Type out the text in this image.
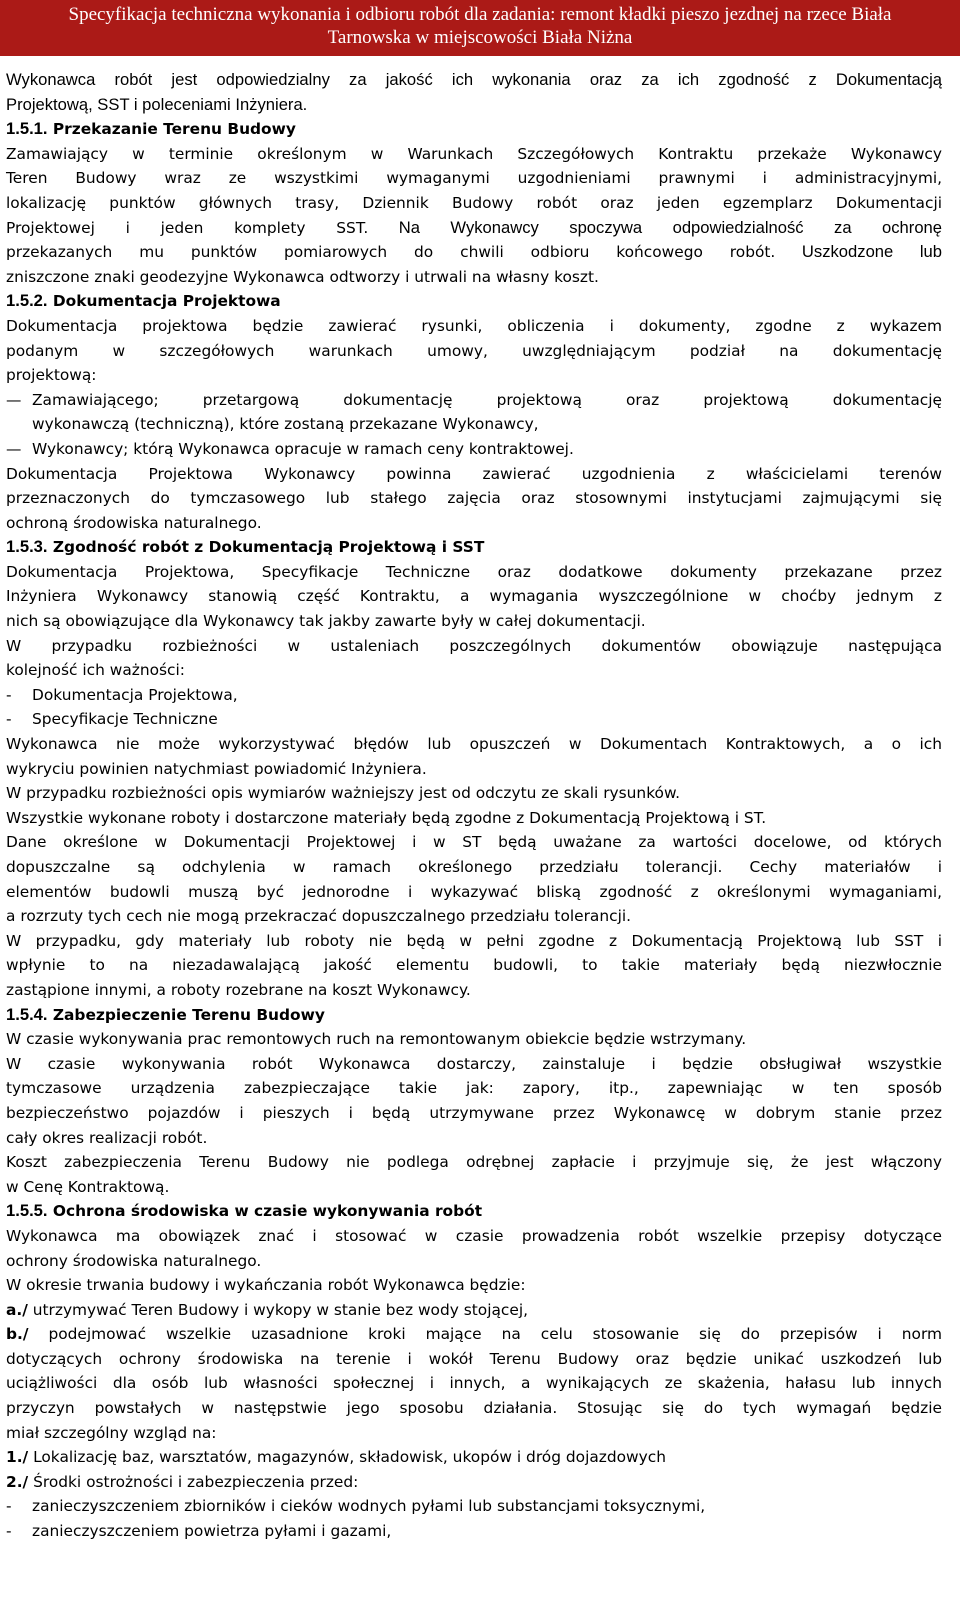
Specyfikacja techniczna wykonania i odbioru robót dla zadania: remont kładki pieszo jezdnej na rzece Biała
Tarnowska w miejscowości Biała Niżna
Wykonawca robót jest odpowiedzialny za jakość ich wykonania oraz za ich zgodność z Dokumentacją
Projektową, SST i poleceniami Inżyniera.
1.5.1. Przekazanie Terenu Budowy
Zamawiający w terminie określonym w Warunkach Szczegółowych Kontraktu przekaże Wykonawcy
Teren Budowy wraz ze wszystkimi wymaganymi uzgodnieniami prawnymi i administracyjnymi,
lokalizację punktów głównych trasy, Dziennik Budowy robót oraz jeden egzemplarz Dokumentacji
Projektowej i jeden komplety SST. Na Wykonawcy spoczywa odpowiedzialność za ochronę
przekazanych mu punktów pomiarowych do chwili odbioru końcowego robót. Uszkodzone lub
zniszczone znaki geodezyjne Wykonawca odtworzy i utrwali na własny koszt.
1.5.2. Dokumentacja Projektowa
Dokumentacja projektowa będzie zawierać rysunki, obliczenia i dokumenty, zgodne z wykazem
podanym w szczegółowych warunkach umowy, uwzględniającym podział na dokumentację
projektową:
— Zamawiającego; przetargową dokumentację projektową oraz projektową dokumentację
wykonawczą (techniczną), które zostaną przekazane Wykonawcy,
— Wykonawcy; którą Wykonawca opracuje w ramach ceny kontraktowej.
Dokumentacja Projektowa Wykonawcy powinna zawierać uzgodnienia z właścicielami terenów
przeznaczonych do tymczasowego lub stałego zajęcia oraz stosownymi instytucjami zajmującymi się
ochroną środowiska naturalnego.
1.5.3. Zgodność robót z Dokumentacją Projektową i SST
Dokumentacja Projektowa, Specyfikacje Techniczne oraz dodatkowe dokumenty przekazane przez
Inżyniera Wykonawcy stanowią część Kontraktu, a wymagania wyszczególnione w choćby jednym z
nich są obowiązujące dla Wykonawcy tak jakby zawarte były w całej dokumentacji.
W przypadku rozbieżności w ustaleniach poszczególnych dokumentów obowiązuje następująca
kolejność ich ważności:
- Dokumentacja Projektowa,
- Specyfikacje Techniczne
Wykonawca nie może wykorzystywać błędów lub opuszczeń w Dokumentach Kontraktowych, a o ich
wykryciu powinien natychmiast powiadomić Inżyniera.
W przypadku rozbieżności opis wymiarów ważniejszy jest od odczytu ze skali rysunków.
Wszystkie wykonane roboty i dostarczone materiały będą zgodne z Dokumentacją Projektową i ST.
Dane określone w Dokumentacji Projektowej i w ST będą uważane za wartości docelowe, od których
dopuszczalne są odchylenia w ramach określonego przedziału tolerancji. Cechy materiałów i
elementów budowli muszą być jednorodne i wykazywać bliską zgodność z określonymi wymaganiami,
a rozrzuty tych cech nie mogą przekraczać dopuszczalnego przedziału tolerancji.
W przypadku, gdy materiały lub roboty nie będą w pełni zgodne z Dokumentacją Projektową lub SST i
wpłynie to na niezadawalającą jakość elementu budowli, to takie materiały będą niezwłocznie
zastąpione innymi, a roboty rozebrane na koszt Wykonawcy.
1.5.4. Zabezpieczenie Terenu Budowy
W czasie wykonywania prac remontowych ruch na remontowanym obiekcie będzie wstrzymany.
W czasie wykonywania robót Wykonawca dostarczy, zainstaluje i będzie obsługiwał wszystkie
tymczasowe urządzenia zabezpieczające takie jak: zapory, itp., zapewniając w ten sposób
bezpieczeństwo pojazdów i pieszych i będą utrzymywane przez Wykonawcę w dobrym stanie przez
cały okres realizacji robót.
Koszt zabezpieczenia Terenu Budowy nie podlega odrębnej zapłacie i przyjmuje się, że jest włączony
w Cenę Kontraktową.
1.5.5. Ochrona środowiska w czasie wykonywania robót
Wykonawca ma obowiązek znać i stosować w czasie prowadzenia robót wszelkie przepisy dotyczące
ochrony środowiska naturalnego.
W okresie trwania budowy i wykańczania robót Wykonawca będzie:
a./ utrzymywać Teren Budowy i wykopy w stanie bez wody stojącej,
b./ podejmować wszelkie uzasadnione kroki mające na celu stosowanie się do przepisów i norm
dotyczących ochrony środowiska na terenie i wokół Terenu Budowy oraz będzie unikać uszkodzeń lub
uciążliwości dla osób lub własności społecznej i innych, a wynikających ze skażenia, hałasu lub innych
przyczyn powstałych w następstwie jego sposobu działania. Stosując się do tych wymagań będzie
miał szczególny wzgląd na:
1./ Lokalizację baz, warsztatów, magazynów, składowisk, ukopów i dróg dojazdowych
2./ Środki ostrożności i zabezpieczenia przed:
- zanieczyszczeniem zbiorników i cieków wodnych pyłami lub substancjami toksycznymi,
- zanieczyszczeniem powietrza pyłami i gazami,
